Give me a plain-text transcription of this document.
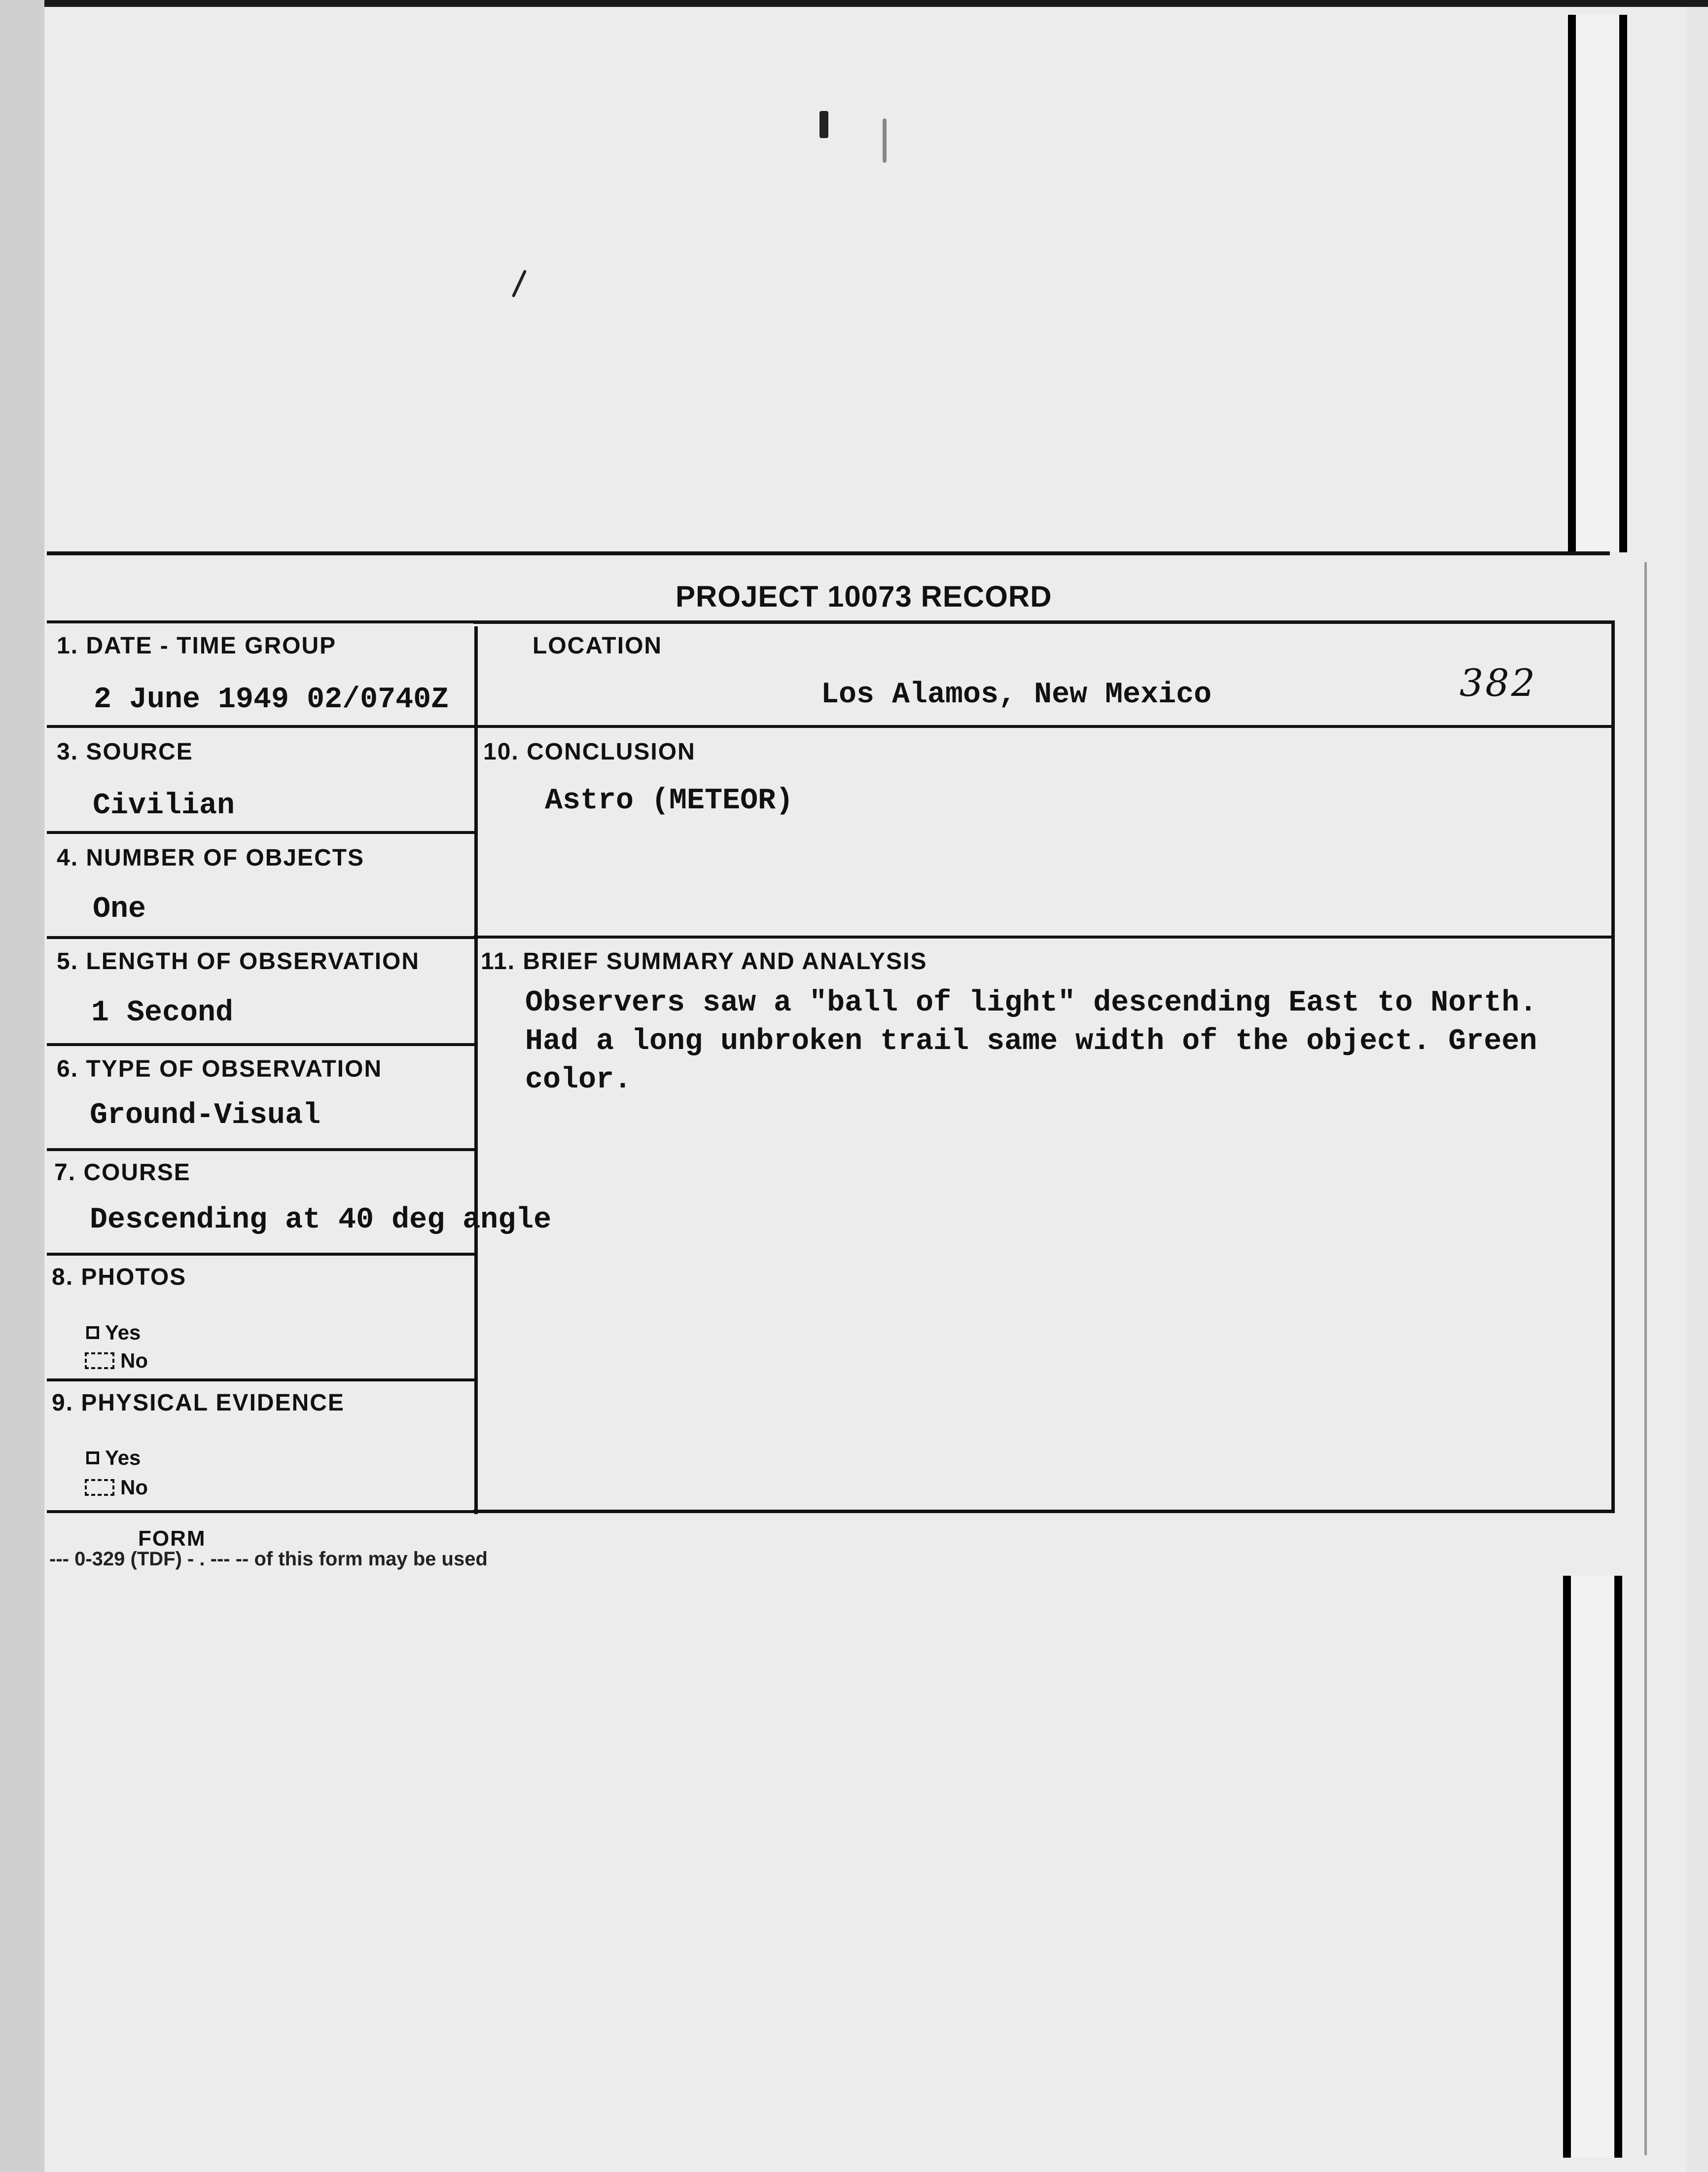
PROJECT 10073 RECORD

1. DATE - TIME GROUP

2 June 1949 02/0740Z

LOCATION

Los Alamos, New Mexico	382

3. SOURCE

Civilian

10. CONCLUSION

Astro (METEOR)

4. NUMBER OF OBJECTS

One

5. LENGTH OF OBSERVATION

1 Second

11. BRIEF SUMMARY AND ANALYSIS

Observers saw a "ball of light" descending East to North. Had a long unbroken trail same width of the object. Green color.

6. TYPE OF OBSERVATION

Ground-Visual

7. COURSE

Descending at 40 deg angle

8. PHOTOS

Yes
No

9. PHYSICAL EVIDENCE

Yes
No

FORM

--- 0-329 (TDF) - . --- -- of this form may be used
